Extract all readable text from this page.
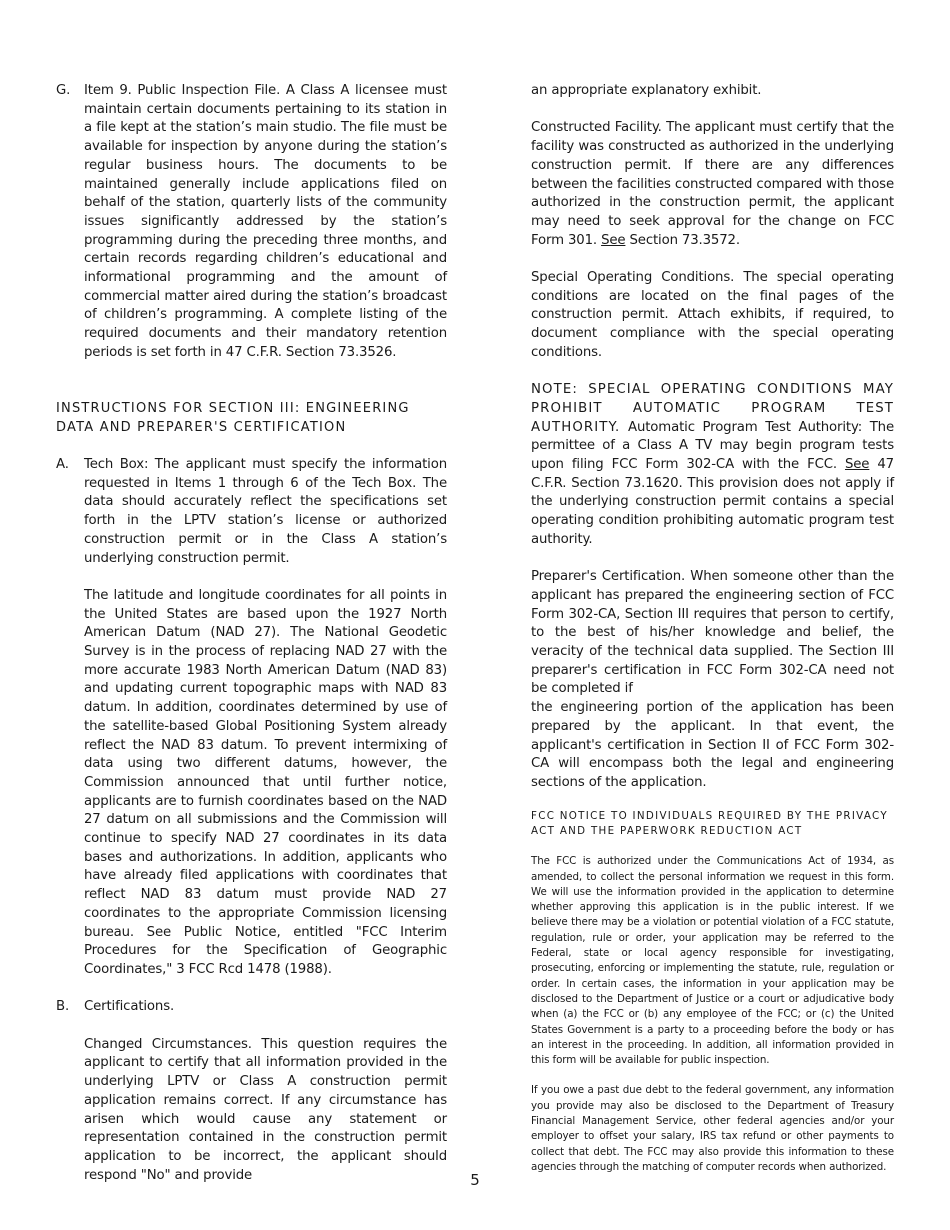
G. Item 9. Public Inspection File. A Class A licensee must maintain certain documents pertaining to its station in a file kept at the station’s main studio. The file must be available for inspection by anyone during the station’s regular business hours. The documents to be maintained generally include applications filed on behalf of the station, quarterly lists of the community issues significantly addressed by the station’s programming during the preceding three months, and certain records regarding children’s educational and informational programming and the amount of commercial matter aired during the station’s broadcast of children’s programming. A complete listing of the required documents and their mandatory retention periods is set forth in 47 C.F.R. Section 73.3526.

INSTRUCTIONS FOR SECTION III: ENGINEERING DATA AND PREPARER'S CERTIFICATION

A. Tech Box: The applicant must specify the information requested in Items 1 through 6 of the Tech Box. The data should accurately reflect the specifications set forth in the LPTV station’s license or authorized construction permit or in the Class A station’s underlying construction permit.

The latitude and longitude coordinates for all points in the United States are based upon the 1927 North American Datum (NAD 27). The National Geodetic Survey is in the process of replacing NAD 27 with the more accurate 1983 North American Datum (NAD 83) and updating current topographic maps with NAD 83 datum. In addition, coordinates determined by use of the satellite-based Global Positioning System already reflect the NAD 83 datum. To prevent intermixing of data using two different datums, however, the Commission announced that until further notice, applicants are to furnish coordinates based on the NAD 27 datum on all submissions and the Commission will continue to specify NAD 27 coordinates in its data bases and authorizations. In addition, applicants who have already filed applications with coordinates that reflect NAD 83 datum must provide NAD 27 coordinates to the appropriate Commission licensing bureau. See Public Notice, entitled "FCC Interim Procedures for the Specification of Geographic Coordinates," 3 FCC Rcd 1478 (1988).

B. Certifications.

Changed Circumstances. This question requires the applicant to certify that all information provided in the underlying LPTV or Class A construction permit application remains correct. If any circumstance has arisen which would cause any statement or representation contained in the construction permit application to be incorrect, the applicant should respond "No" and provide

an appropriate explanatory exhibit.

Constructed Facility. The applicant must certify that the facility was constructed as authorized in the underlying construction permit. If there are any differences between the facilities constructed compared with those authorized in the construction permit, the applicant may need to seek approval for the change on FCC Form 301. See Section 73.3572.

Special Operating Conditions. The special operating conditions are located on the final pages of the construction permit. Attach exhibits, if required, to document compliance with the special operating conditions.

NOTE: SPECIAL OPERATING CONDITIONS MAY PROHIBIT AUTOMATIC PROGRAM TEST AUTHORITY. Automatic Program Test Authority: The permittee of a Class A TV may begin program tests upon filing FCC Form 302-CA with the FCC. See 47 C.F.R. Section 73.1620. This provision does not apply if the underlying construction permit contains a special operating condition prohibiting automatic program test authority.

Preparer's Certification. When someone other than the applicant has prepared the engineering section of FCC Form 302-CA, Section III requires that person to certify, to the best of his/her knowledge and belief, the veracity of the technical data supplied. The Section III preparer's certification in FCC Form 302-CA need not be completed if

the engineering portion of the application has been prepared by the applicant. In that event, the applicant's certification in Section II of FCC Form 302-CA will encompass both the legal and engineering sections of the application.

FCC NOTICE TO INDIVIDUALS REQUIRED BY THE PRIVACY ACT AND THE PAPERWORK REDUCTION ACT

The FCC is authorized under the Communications Act of 1934, as amended, to collect the personal information we request in this form. We will use the information provided in the application to determine whether approving this application is in the public interest. If we believe there may be a violation or potential violation of a FCC statute, regulation, rule or order, your application may be referred to the Federal, state or local agency responsible for investigating, prosecuting, enforcing or implementing the statute, rule, regulation or order. In certain cases, the information in your application may be disclosed to the Department of Justice or a court or adjudicative body when (a) the FCC or (b) any employee of the FCC; or (c) the United States Government is a party to a proceeding before the body or has an interest in the proceeding. In addition, all information provided in this form will be available for public inspection.

If you owe a past due debt to the federal government, any information you provide may also be disclosed to the Department of Treasury Financial Management Service, other federal agencies and/or your employer to offset your salary, IRS tax refund or other payments to collect that debt. The FCC may also provide this information to these agencies through the matching of computer records when authorized.

5
